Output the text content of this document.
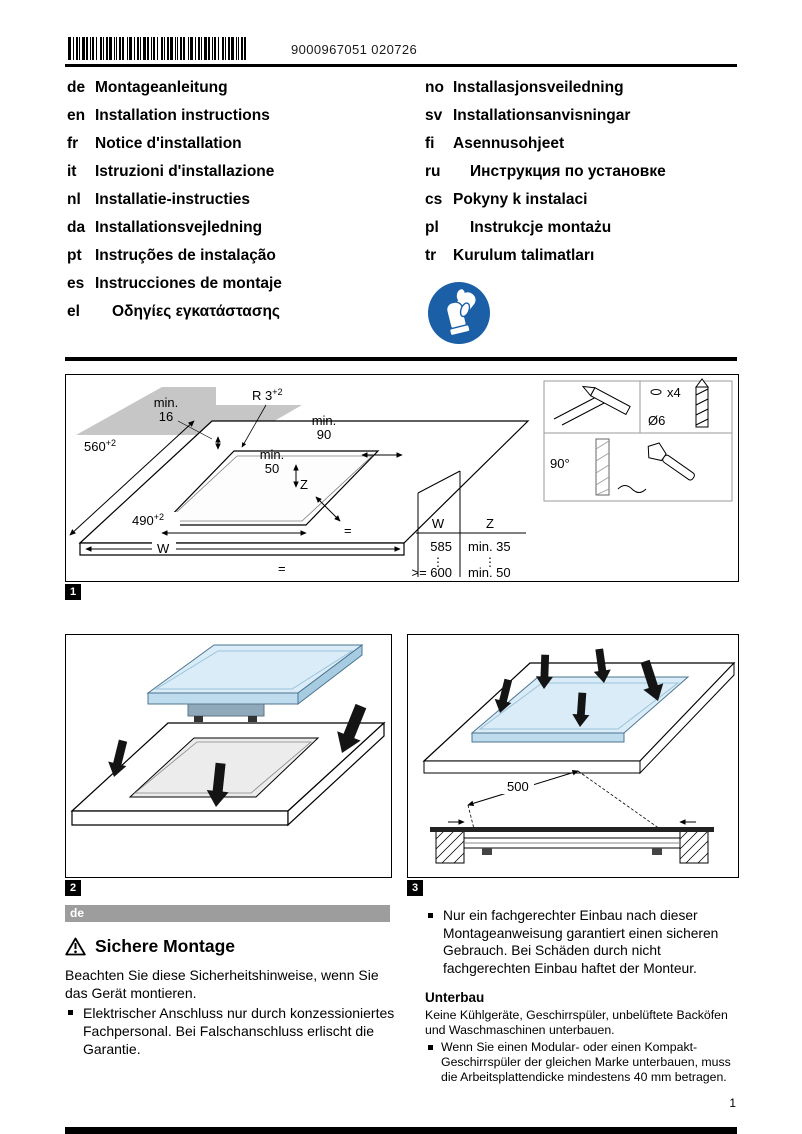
9000967051 020726
de Montageanleitung
en Installation instructions
fr	Notice d'installation
it	Istruzioni d'installazione
nl Installatie-instructies
da Installationsvejledning
pt Instruções de instalação
es Instrucciones de montaje
el	Οδηγίες εγκατάστασης
no Installasjonsveiledning
sv Installationsanvisningar
fi	Asennusohjeet
ru	Инструкция по установке
cs Pokyny k instalaci
pl	Instrukcje montażu
tr	Kurulum talimatları
$560^{+2}$
min.
16
R $3^{+2}$
min.
90
min.
50
Z
$490^{+2}$
W
=
=	W	Z
585 min. 35
⋮	⋮
>= 600 min. 50
x4
Ø6
90°
1
2
500
3
de
Sichere Montage
Beachten Sie diese Sicherheitshinweise, wenn Sie das Gerät montieren.
Elektrischer Anschluss nur durch konzessioniertes Fachpersonal. Bei Falschanschluss erlischt die Garantie.
Nur ein fachgerechter Einbau nach dieser Montageanweisung garantiert einen sicheren Gebrauch. Bei Schäden durch nicht fachgerechten Einbau haftet der Monteur.
Unterbau
Keine Kühlgeräte, Geschirrspüler, unbelüftete Backöfen und Waschmaschinen unterbauen.
Wenn Sie einen Modular- oder einen Kompakt-Geschirrspüler der gleichen Marke unterbauen, muss die Arbeitsplattendicke mindestens 40 mm betragen.
1
